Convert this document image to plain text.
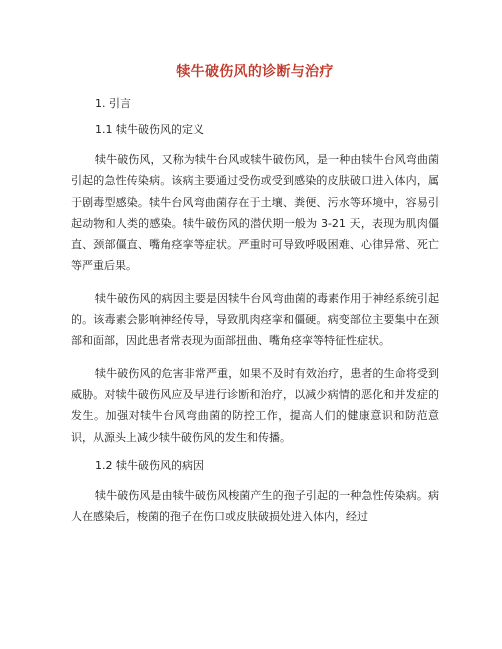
犊牛破伤风的诊断与治疗
1. 引言
1.1 犊牛破伤风的定义

犊牛破伤风，又称为犊牛台风或犊牛破伤风，是一种由犊牛台风弯曲菌引起的急性传染病。该病主要通过受伤或受到感染的皮肤破口进入体内，属于剧毒型感染。犊牛台风弯曲菌存在于土壤、粪便、污水等环境中，容易引起动物和人类的感染。犊牛破伤风的潜伏期一般为 3-21 天，表现为肌肉僵直、颈部僵直、嘴角痉挛等症状。严重时可导致呼吸困难、心律异常、死亡等严重后果。

犊牛破伤风的病因主要是因犊牛台风弯曲菌的毒素作用于神经系统引起的。该毒素会影响神经传导，导致肌肉痉挛和僵硬。病变部位主要集中在颈部和面部，因此患者常表现为面部扭曲、嘴角痉挛等特征性症状。

犊牛破伤风的危害非常严重，如果不及时有效治疗，患者的生命将受到威胁。对犊牛破伤风应及早进行诊断和治疗，以减少病情的恶化和并发症的发生。加强对犊牛台风弯曲菌的防控工作，提高人们的健康意识和防范意识，从源头上减少犊牛破伤风的发生和传播。

1.2 犊牛破伤风的病因

犊牛破伤风是由犊牛破伤风梭菌产生的孢子引起的一种急性传染病。病人在感染后，梭菌的孢子在伤口或皮肤破损处进入体内，经过
